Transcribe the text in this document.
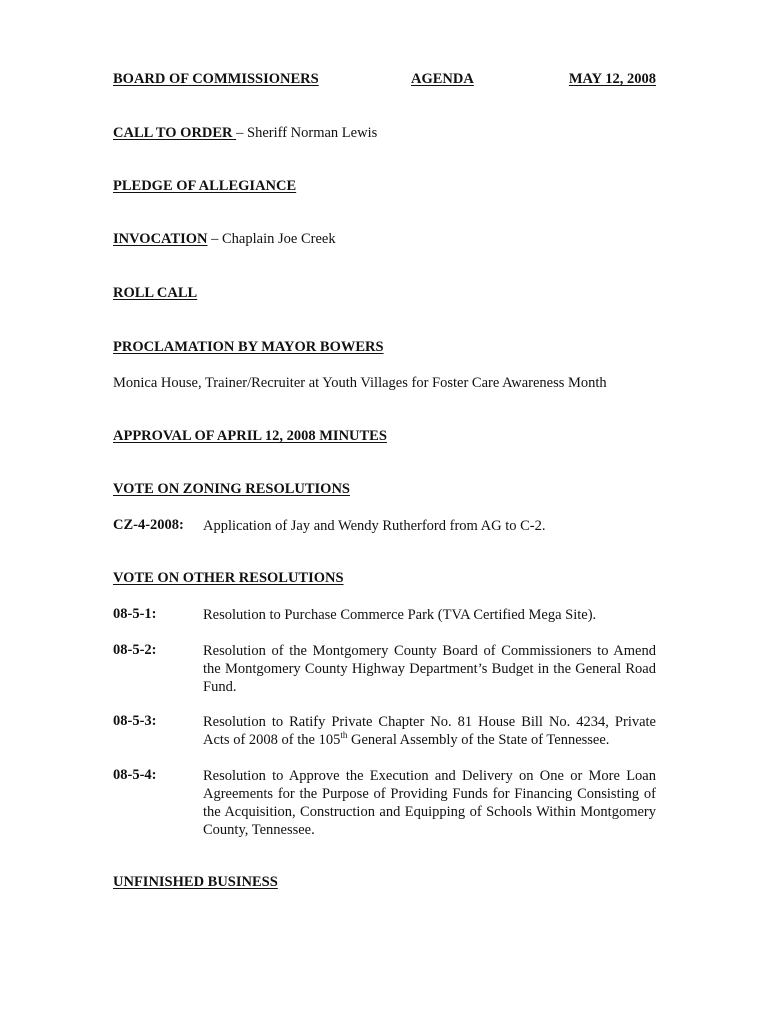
BOARD OF COMMISSIONERS	AGENDA	MAY 12, 2008
CALL TO ORDER – Sheriff Norman Lewis
PLEDGE OF ALLEGIANCE
INVOCATION – Chaplain Joe Creek
ROLL CALL
PROCLAMATION BY MAYOR BOWERS
Monica House, Trainer/Recruiter at Youth Villages for Foster Care Awareness Month
APPROVAL OF APRIL 12, 2008 MINUTES
VOTE ON ZONING RESOLUTIONS
CZ-4-2008: Application of Jay and Wendy Rutherford from AG to C-2.
VOTE ON OTHER RESOLUTIONS
08-5-1:	Resolution to Purchase Commerce Park (TVA Certified Mega Site).
08-5-2:	Resolution of the Montgomery County Board of Commissioners to Amend the Montgomery County Highway Department’s Budget in the General Road Fund.
08-5-3:	Resolution to Ratify Private Chapter No. 81 House Bill No. 4234, Private Acts of 2008 of the 105th General Assembly of the State of Tennessee.
08-5-4:	Resolution to Approve the Execution and Delivery on One or More Loan Agreements for the Purpose of Providing Funds for Financing Consisting of the Acquisition, Construction and Equipping of Schools Within Montgomery County, Tennessee.
UNFINISHED BUSINESS
